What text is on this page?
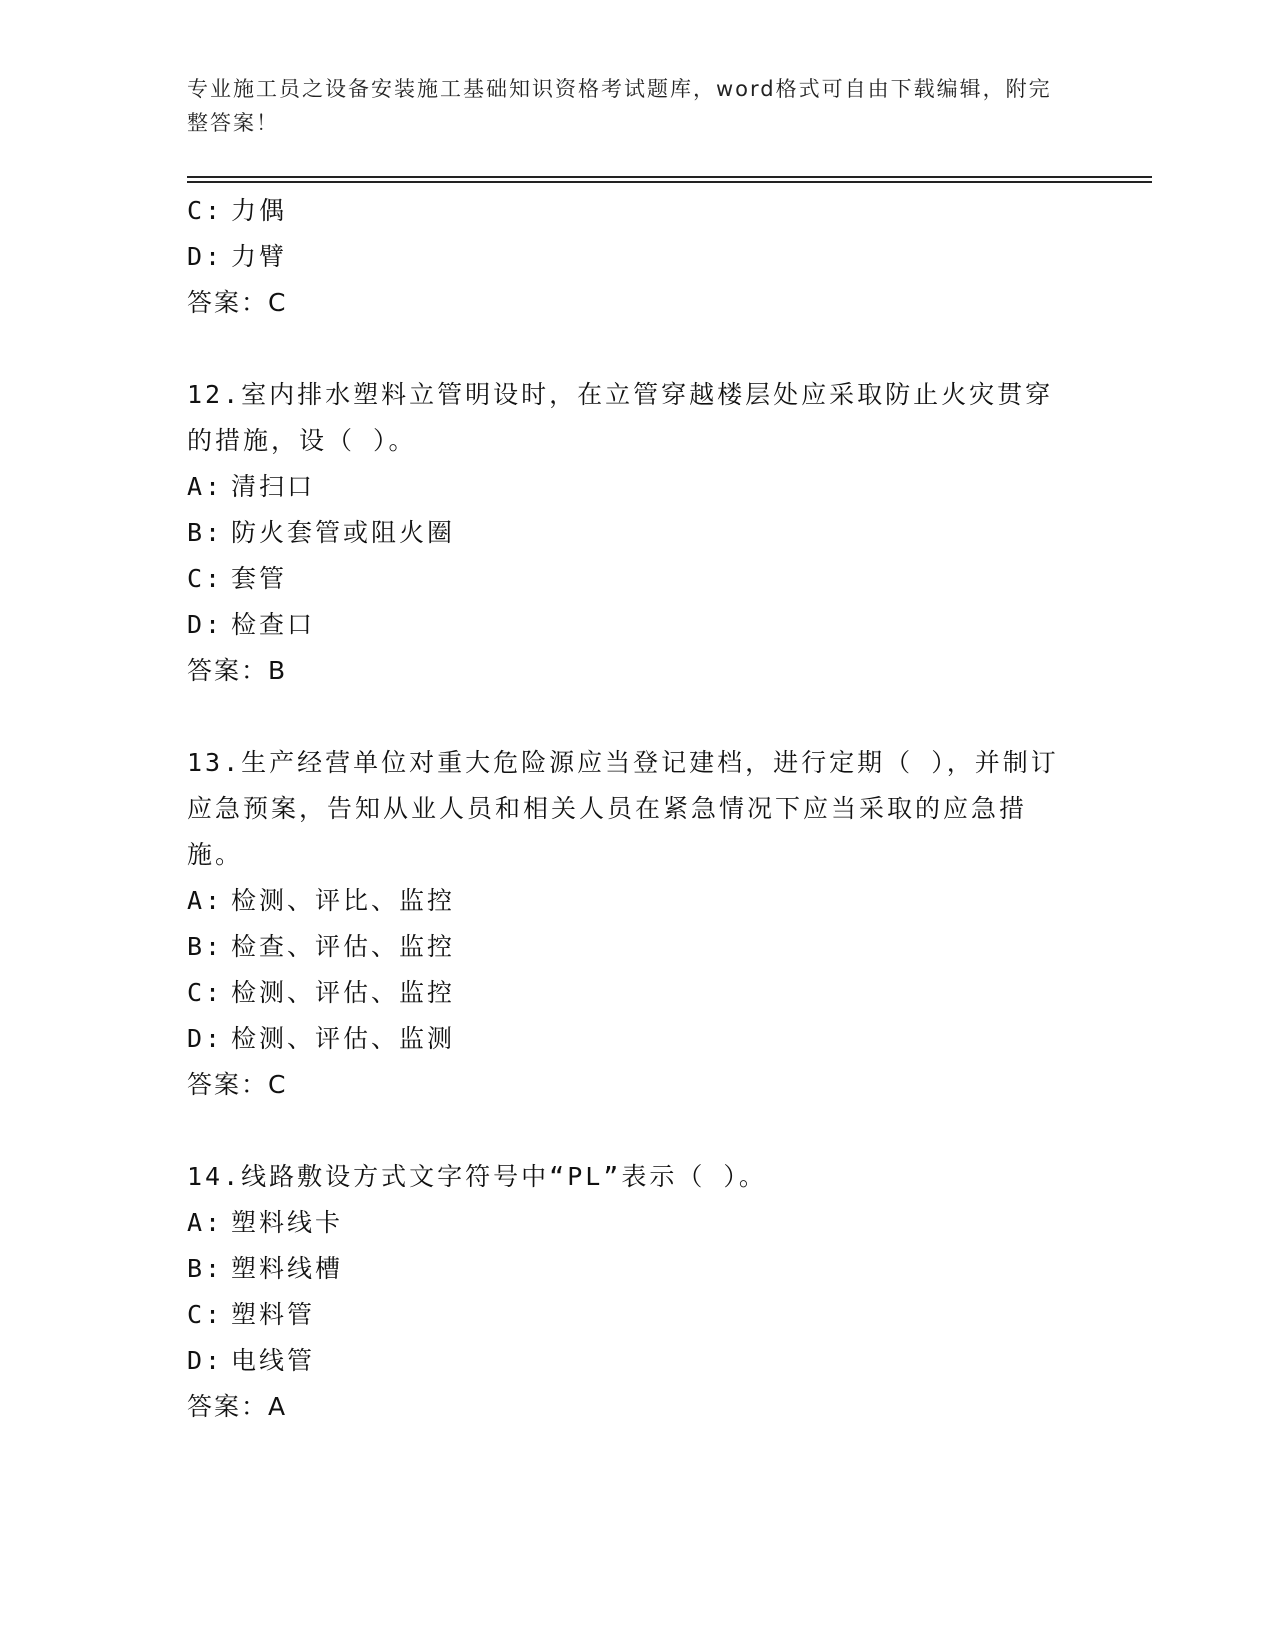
专业施工员之设备安装施工基础知识资格考试题库，word格式可自由下载编辑，附完整答案！
C: 力偶
D: 力臂
答案：C
12.室内排水塑料立管明设时，在立管穿越楼层处应采取防止火灾贯穿的措施，设（ ）。
A: 清扫口
B: 防火套管或阻火圈
C: 套管
D: 检查口
答案：B
13.生产经营单位对重大危险源应当登记建档，进行定期（ ），并制订应急预案，告知从业人员和相关人员在紧急情况下应当采取的应急措施。
A: 检测、评比、监控
B: 检查、评估、监控
C: 检测、评估、监控
D: 检测、评估、监测
答案：C
14.线路敷设方式文字符号中“PL”表示（ ）。
A: 塑料线卡
B: 塑料线槽
C: 塑料管
D: 电线管
答案：A
